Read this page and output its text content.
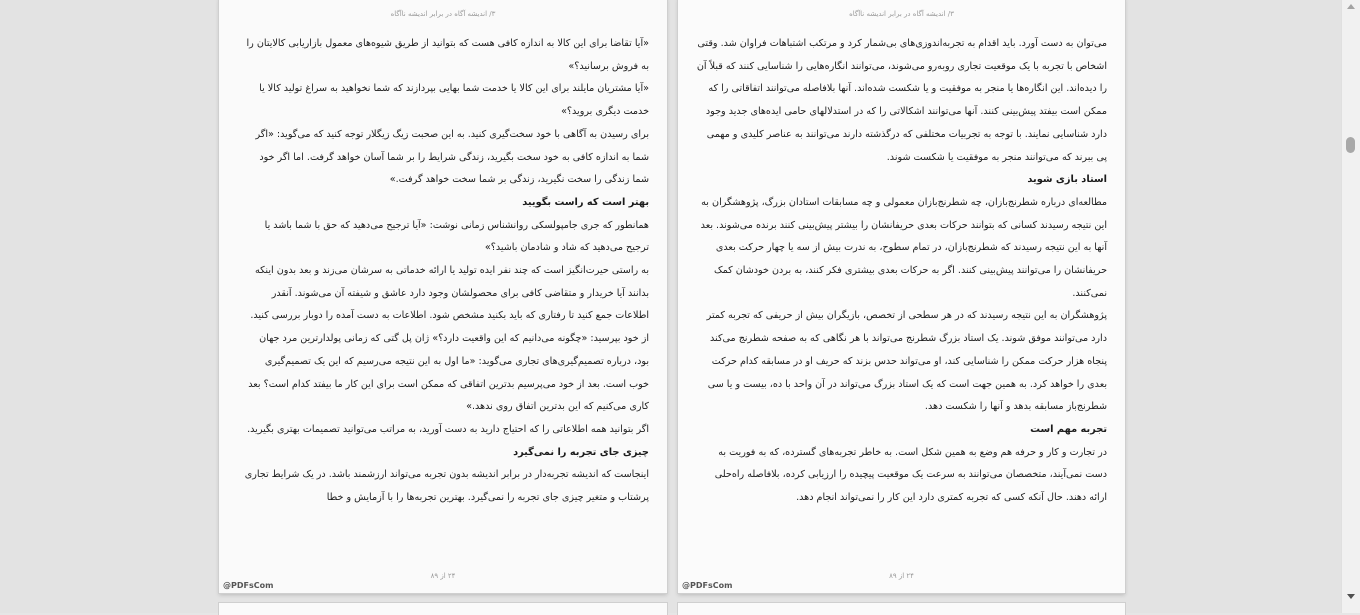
۳/ اندیشه آگاه در برابر اندیشه ناآگاه

«آیا تقاضا برای این کالا به اندازه کافی هست که بتوانید از طریق شیوه‌های معمول بازاریابی کالایتان را به فروش برسانید؟»

«آیا مشتریان مایلند برای این کالا یا خدمت شما بهایی بپردازند که شما نخواهید به سراغ تولید کالا یا خدمت دیگری بروید؟»

برای رسیدن به آگاهی با خود سخت‌گیری کنید. به این صحبت زیگ زیگلار توجه کنید که می‌گوید: «اگر شما به اندازه کافی به خود سخت بگیرید، زندگی شرایط را بر شما آسان خواهد گرفت. اما اگر خود شما زندگی را سخت نگیرید، زندگی بر شما سخت خواهد گرفت.»

بهتر است که راست بگویید

همانطور که جری جامپولسکی روانشناس زمانی نوشت: «آیا ترجیح می‌دهید که حق با شما باشد یا ترجیح می‌دهید که شاد و شادمان باشید؟»

به راستی حیرت‌انگیز است که چند نفر ایده تولید یا ارائه خدماتی به سرشان می‌زند و بعد بدون اینکه بدانند آیا خریدار و متقاضی کافی برای محصولشان وجود دارد عاشق و شیفته آن می‌شوند. آنقدر اطلاعات جمع کنید تا رفتاری که باید بکنید مشخص شود. اطلاعات به دست آمده را دوبار بررسی کنید. از خود بپرسید: «چگونه می‌دانیم که این واقعیت دارد؟» ژان پل گتی که زمانی پولدارترین مرد جهان بود، درباره تصمیم‌گیری‌های تجاری می‌گوید: «ما اول به این نتیجه می‌رسیم که این یک تصمیم‌گیری خوب است. بعد از خود می‌پرسیم بدترین اتفاقی که ممکن است برای این کار ما بیفتد کدام است؟ بعد کاری می‌کنیم که این بدترین اتفاق روی ندهد.»

اگر بتوانید همه اطلاعاتی را که احتیاج دارید به دست آورید، به مراتب می‌توانید تصمیمات بهتری بگیرید.

چیزی جای تجربه را نمی‌گیرد

اینجاست که اندیشه تجربه‌دار در برابر اندیشه بدون تجربه می‌تواند ارزشمند باشد. در یک شرایط تجاری پرشتاب و متغیر چیزی جای تجربه را نمی‌گیرد. بهترین تجربه‌ها را با آزمایش و خطا

۲۴ از ۸۹
@PDFsCom
۳/ اندیشه آگاه در برابر اندیشه ناآگاه

می‌توان به دست آورد. باید اقدام به تجربه‌اندوزی‌های بی‌شمار کرد و مرتکب اشتباهات فراوان شد. وقتی اشخاص با تجربه با یک موقعیت تجاری روبه‌رو می‌شوند، می‌توانند انگاره‌هایی را شناسایی کنند که قبلاً آن را دیده‌اند. این انگاره‌ها یا منجر به موفقیت و یا شکست شده‌اند. آنها بلافاصله می‌توانند اتفاقاتی را که ممکن است بیفتد پیش‌بینی کنند. آنها می‌توانند اشکالاتی را که در استدلالهای حامی ایده‌های جدید وجود دارد شناسایی نمایند. با توجه به تجربیات مختلفی که درگذشته دارند می‌توانند به عناصر کلیدی و مهمی پی ببرند که می‌توانند منجر به موفقیت یا شکست شوند.

استاد بازی شوید

مطالعه‌ای درباره شطرنج‌بازان، چه شطرنج‌بازان معمولی و چه مسابقات استادان بزرگ، پژوهشگران به این نتیجه رسیدند کسانی که بتوانند حرکات بعدی حریفانشان را بیشتر پیش‌بینی کنند برنده می‌شوند. بعد آنها به این نتیجه رسیدند که شطرنج‌بازان، در تمام سطوح، به ندرت بیش از سه یا چهار حرکت بعدی حریفانشان را می‌توانند پیش‌بینی کنند. اگر به حرکات بعدی بیشتری فکر کنند، به بردن خودشان کمک نمی‌کنند.

پژوهشگران به این نتیجه رسیدند که در هر سطحی از تخصص، بازیگران بیش از حریفی که تجربه کمتر دارد می‌توانند موفق شوند. یک استاد بزرگ شطرنج می‌تواند با هر نگاهی که به صفحه شطرنج می‌کند پنجاه هزار حرکت ممکن را شناسایی کند، او می‌تواند حدس بزند که حریف او در مسابقه کدام حرکت بعدی را خواهد کرد. به همین جهت است که یک استاد بزرگ می‌تواند در آن واحد با ده، بیست و یا سی شطرنج‌باز مسابقه بدهد و آنها را شکست دهد.

تجربه مهم است

در تجارت و کار و حرفه هم وضع به همین شکل است. به خاطر تجربه‌های گسترده، که به فوریت به دست نمی‌آیند، متخصصان می‌توانند به سرعت یک موقعیت پیچیده را ارزیابی کرده، بلافاصله راه‌حلی ارائه دهند. حال آنکه کسی که تجربه کمتری دارد این کار را نمی‌تواند انجام دهد.

۲۴ از ۸۹
@PDFsCom
